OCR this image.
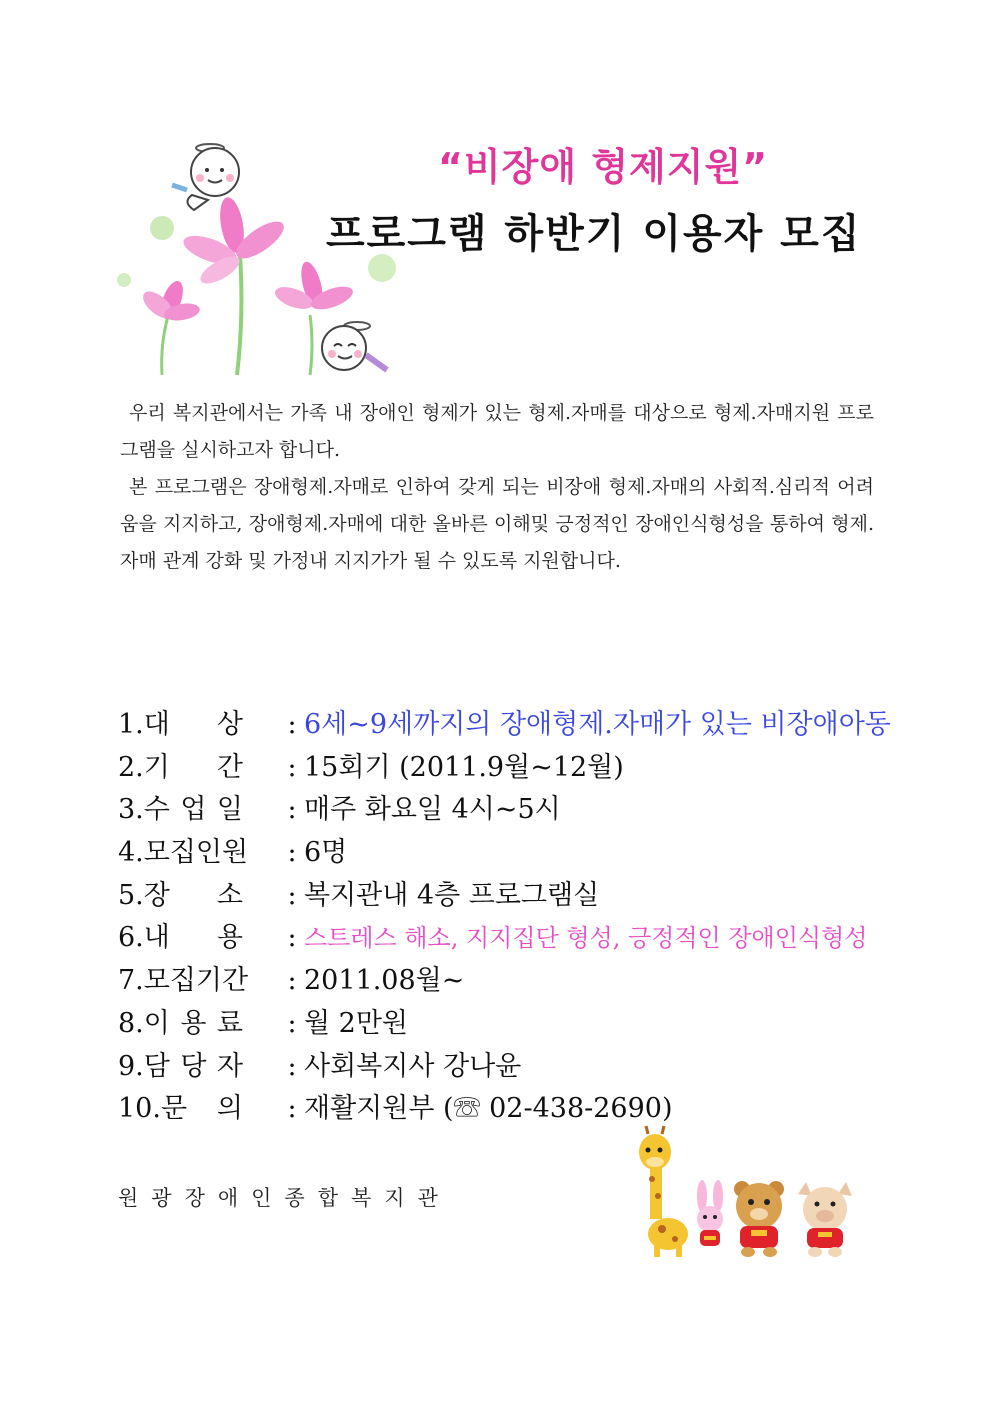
“비장애 형제지원”
프로그램 하반기 이용자 모집

우리 복지관에서는 가족 내 장애인 형제가 있는 형제.자매를 대상으로 형제.자매지원 프로그램을 실시하고자 합니다.

본 프로그램은 장애형제.자매로 인하여 갖게 되는 비장애 형제.자매의 사회적.심리적 어려움을 지지하고, 장애형제.자매에 대한 올바른 이해및 긍정적인 장애인식형성을 통하여 형제.자매 관계 강화 및 가정내 지지가가 될 수 있도록 지원합니다.

1.대 상 : 6세~9세까지의 장애형제.자매가 있는 비장애아동
2.기 간 : 15회기 (2011.9월~12월)
3.수 업 일 : 매주 화요일 4시~5시
4.모집인원 : 6명
5.장 소 : 복지관내 4층 프로그램실
6.내 용 : 스트레스 해소, 지지집단 형성, 긍정적인 장애인식형성
7.모집기간 : 2011.08월~
8.이 용 료 : 월 2만원
9.담 당 자 : 사회복지사 강나윤
10.문 의 : 재활지원부 (☏ 02-438-2690)
원광장애인종합복지관
